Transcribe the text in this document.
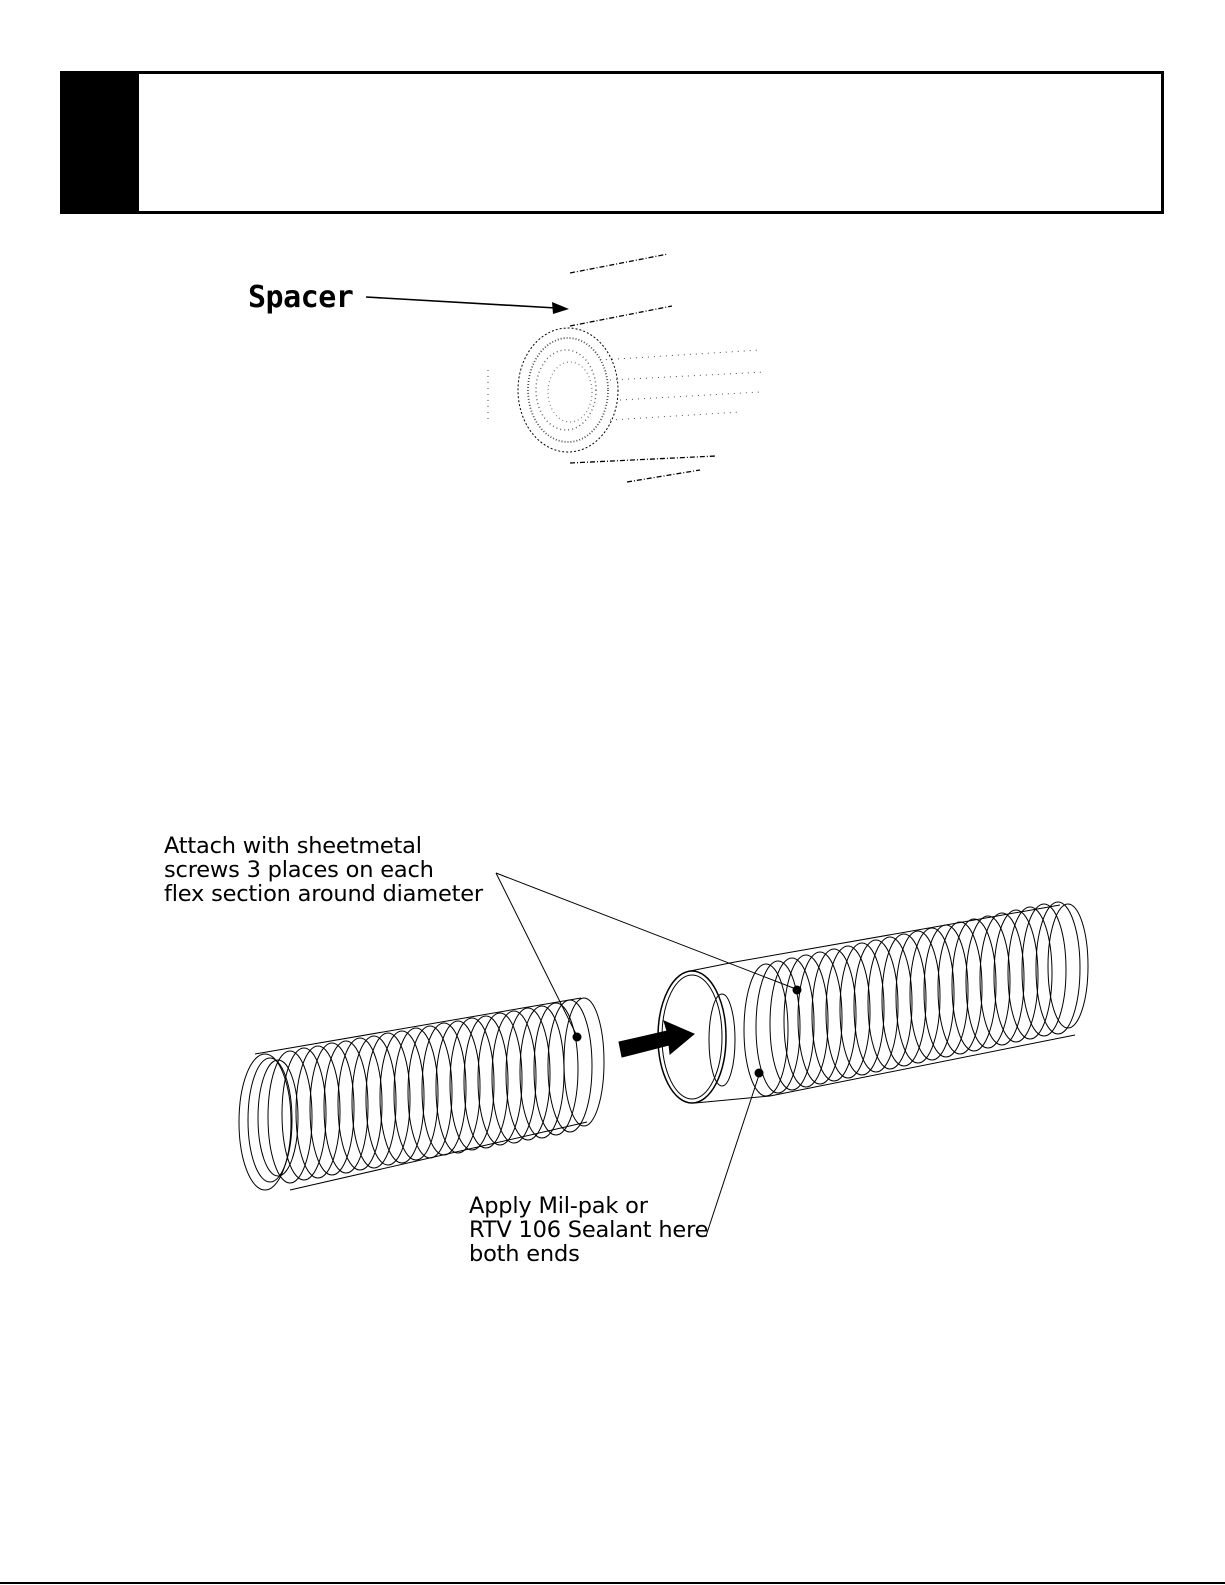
Spacer
Attach with sheetmetal
screws 3 places on each
flex section around diameter
Apply Mil-pak or
RTV 106 Sealant here
both ends
